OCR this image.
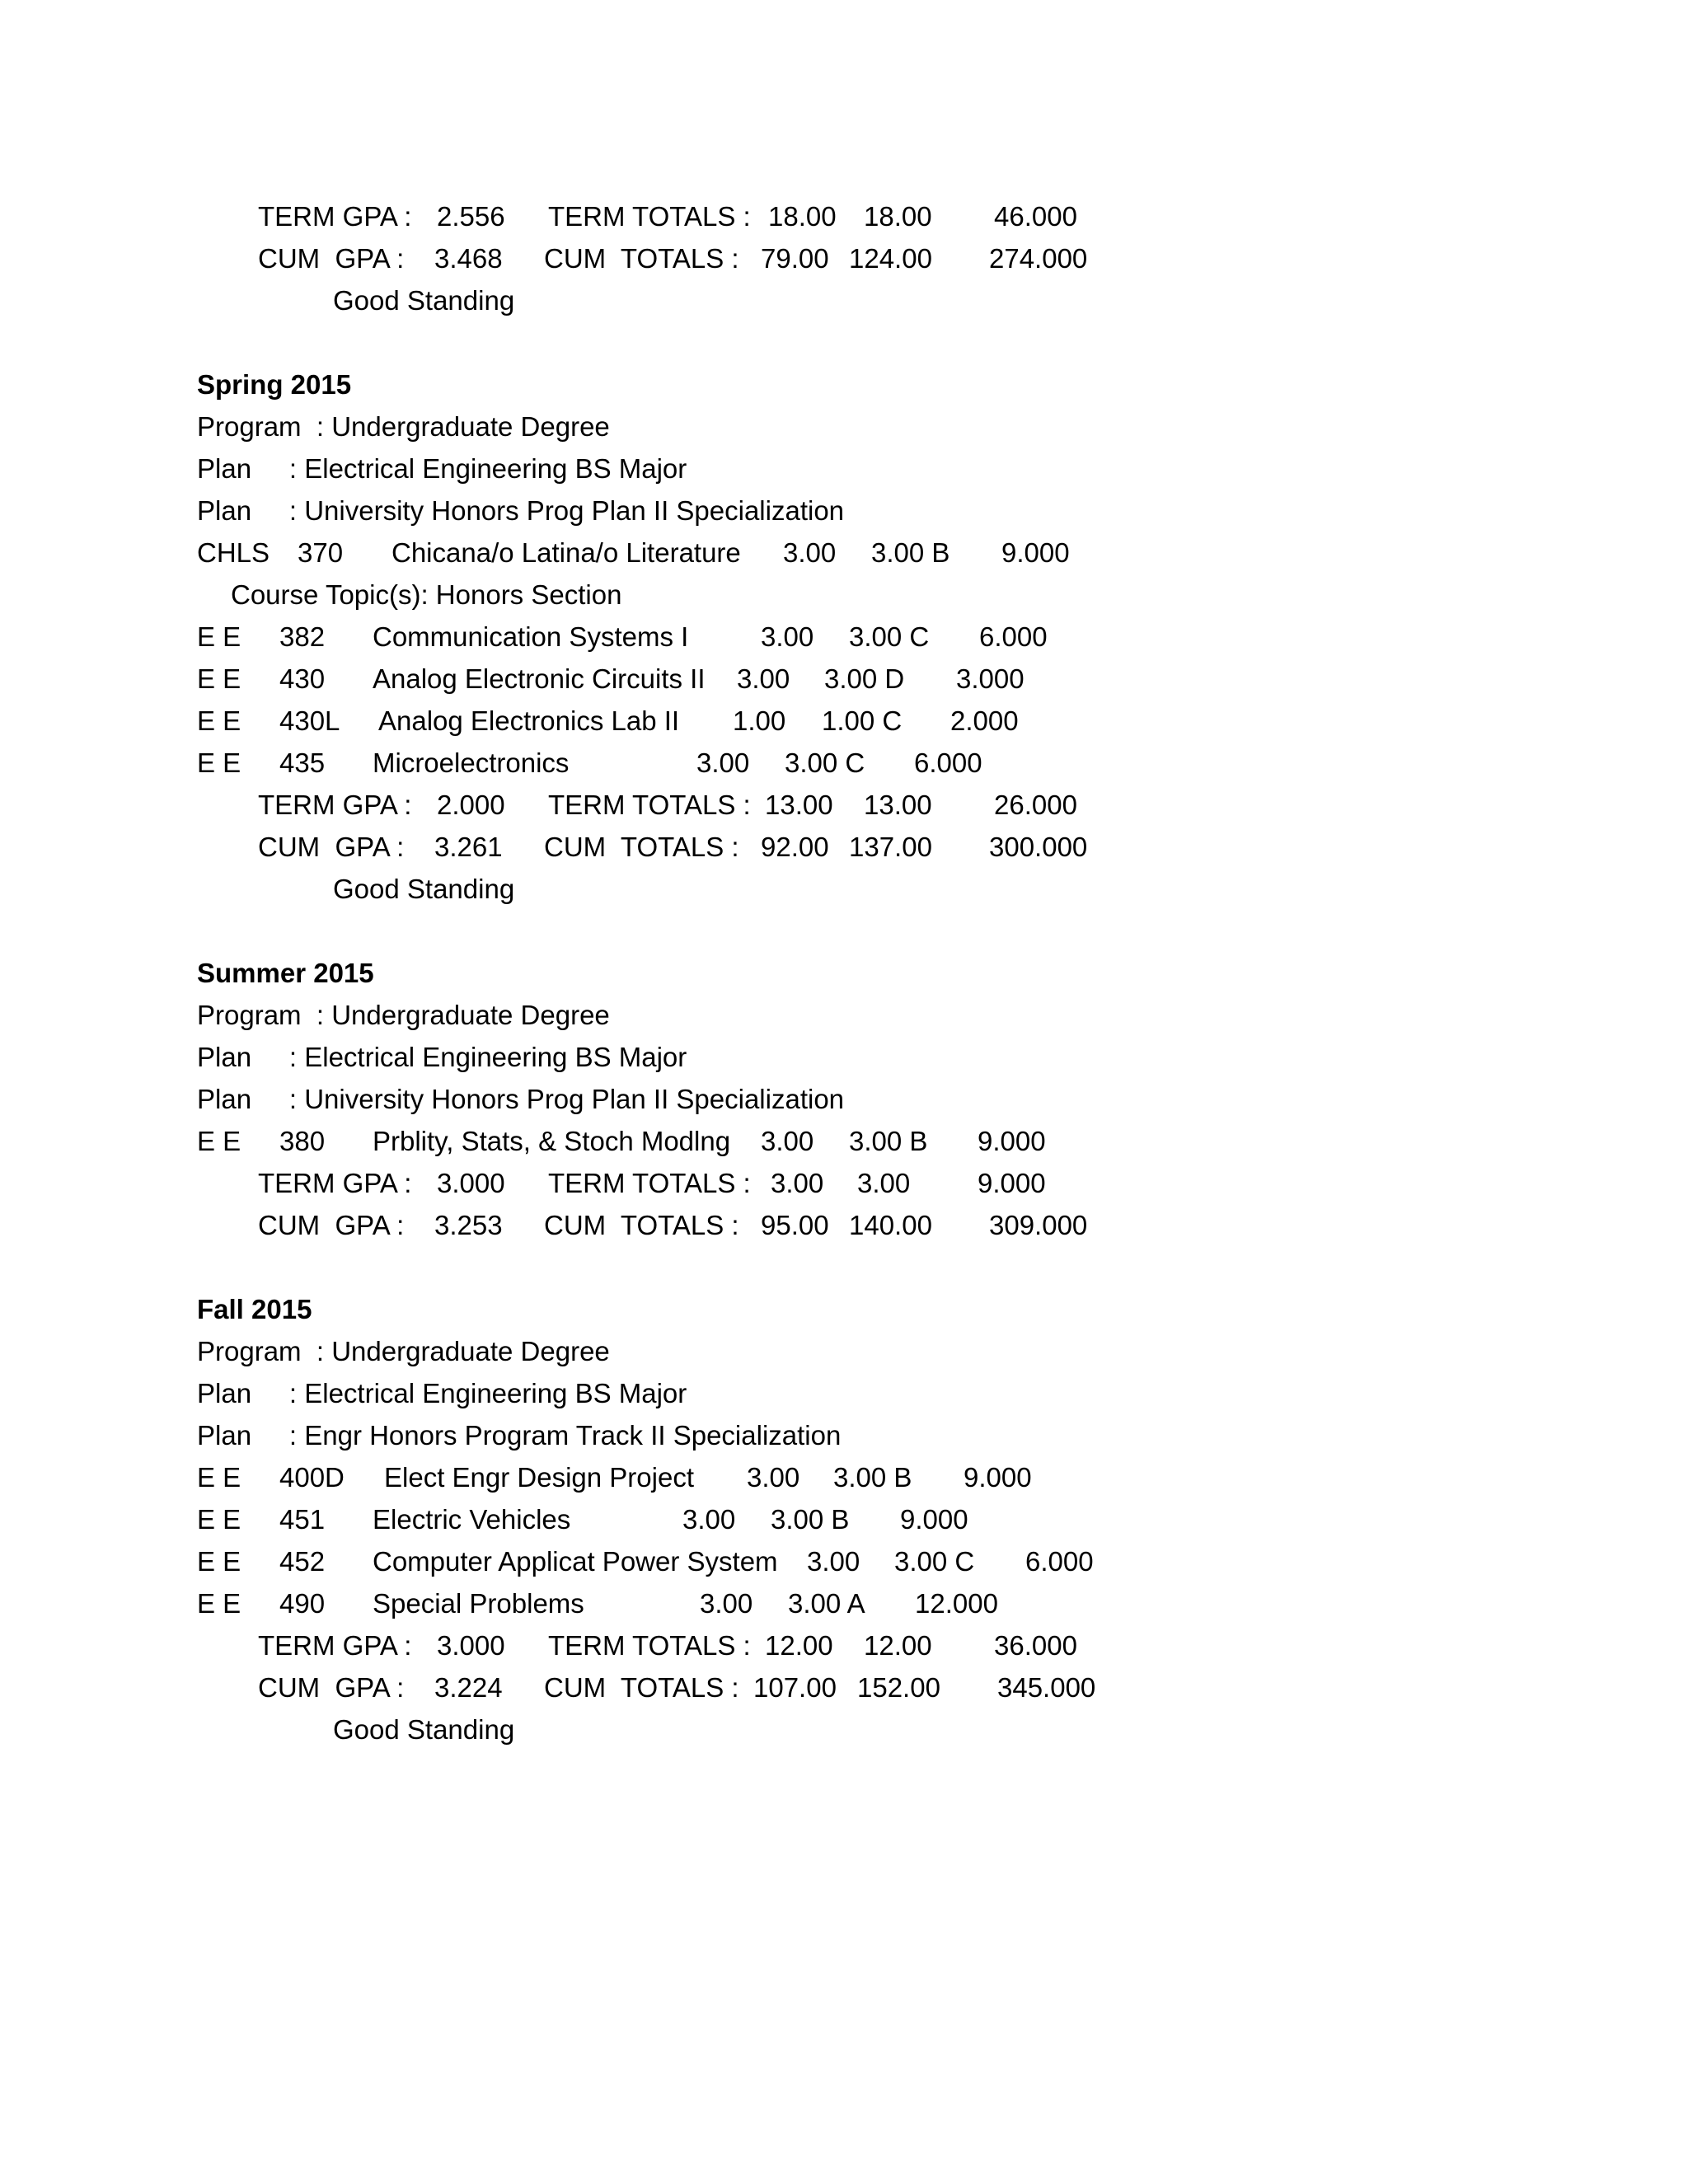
TERM GPA : 2.556 TERM TOTALS : 18.00 18.00 46.000
CUM  GPA : 3.468 CUM  TOTALS : 79.00 124.00 274.000
Good Standing
Spring 2015
Program  : Undergraduate Degree
Plan     : Electrical Engineering BS Major
Plan     : University Honors Prog Plan II Specialization
CHLS 370 Chicana/o Latina/o Literature 3.00 3.00 B 9.000
Course Topic(s): Honors Section
E E 382 Communication Systems I	3.00 3.00 C 6.000
E E 430 Analog Electronic Circuits II 3.00 3.00 D 3.000
E E 430L Analog Electronics Lab II 1.00 1.00 C 2.000
E E 435 Microelectronics	3.00 3.00 C 6.000
TERM GPA : 2.000 TERM TOTALS : 13.00 13.00 26.000
CUM  GPA : 3.261 CUM  TOTALS : 92.00 137.00 300.000
Good Standing
Summer 2015
Program  : Undergraduate Degree
Plan     : Electrical Engineering BS Major
Plan     : University Honors Prog Plan II Specialization
E E 380 Prblity, Stats, & Stoch Modlng 3.00 3.00 B 9.000
TERM GPA : 3.000 TERM TOTALS : 3.00 3.00 9.000
CUM  GPA : 3.253 CUM  TOTALS : 95.00 140.00 309.000
Fall 2015
Program  : Undergraduate Degree
Plan     : Electrical Engineering BS Major
Plan     : Engr Honors Program Track II Specialization
E E 400D Elect Engr Design Project 3.00 3.00 B 9.000
E E 451 Electric Vehicles	3.00 3.00 B 9.000
E E 452 Computer Applicat Power System 3.00 3.00 C 6.000
E E 490 Special Problems	3.00 3.00 A 12.000
TERM GPA : 3.000 TERM TOTALS : 12.00 12.00 36.000
CUM  GPA : 3.224 CUM  TOTALS : 107.00 152.00 345.000
Good Standing
